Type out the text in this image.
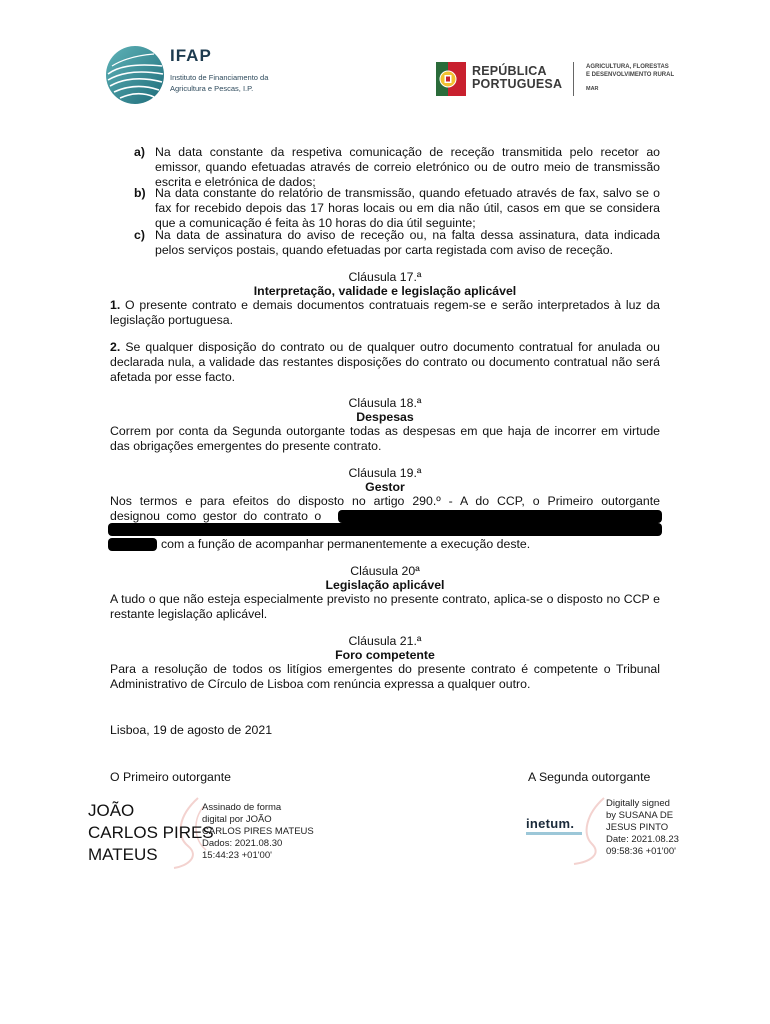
IFAP
Instituto de Financiamento da Agricultura e Pescas, I.P.
REPÚBLICA
PORTUGUESA
AGRICULTURA, FLORESTAS
E DESENVOLVIMENTO RURAL
MAR
a) Na data constante da respetiva comunicação de receção transmitida pelo recetor ao emissor, quando efetuadas através de correio eletrónico ou de outro meio de transmissão escrita e eletrónica de dados;
b) Na data constante do relatório de transmissão, quando efetuado através de fax, salvo se o fax for recebido depois das 17 horas locais ou em dia não útil, casos em que se considera que a comunicação é feita às 10 horas do dia útil seguinte;
c) Na data de assinatura do aviso de receção ou, na falta dessa assinatura, data indicada pelos serviços postais, quando efetuadas por carta registada com aviso de receção.
Cláusula 17.ª
Interpretação, validade e legislação aplicável
1. O presente contrato e demais documentos contratuais regem-se e serão interpretados à luz da legislação portuguesa.
2. Se qualquer disposição do contrato ou de qualquer outro documento contratual for anulada ou declarada nula, a validade das restantes disposições do contrato ou documento contratual não será afetada por esse facto.
Cláusula 18.ª
Despesas
Correm por conta da Segunda outorgante todas as despesas em que haja de incorrer em virtude das obrigações emergentes do presente contrato.
Cláusula 19.ª
Gestor
Nos termos e para efeitos do disposto no artigo 290.º - A do CCP, o Primeiro outorgante
designou como gestor do contrato o
com a função de acompanhar permanentemente a execução deste.
Cláusula 20ª
Legislação aplicável
A tudo o que não esteja especialmente previsto no presente contrato, aplica-se o disposto no CCP e restante legislação aplicável.
Cláusula 21.ª
Foro competente
Para a resolução de todos os litígios emergentes do presente contrato é competente o Tribunal Administrativo de Círculo de Lisboa com renúncia expressa a qualquer outro.
Lisboa, 19 de agosto de 2021
O Primeiro outorgante	A Segunda outorgante
JOÃO
CARLOS PIRES
MATEUS
Assinado de forma
digital por JOÃO
CARLOS PIRES MATEUS
Dados: 2021.08.30
15:44:23 +01'00'
inetum.
Digitally signed
by SUSANA DE
JESUS PINTO
Date: 2021.08.23
09:58:36 +01'00'
